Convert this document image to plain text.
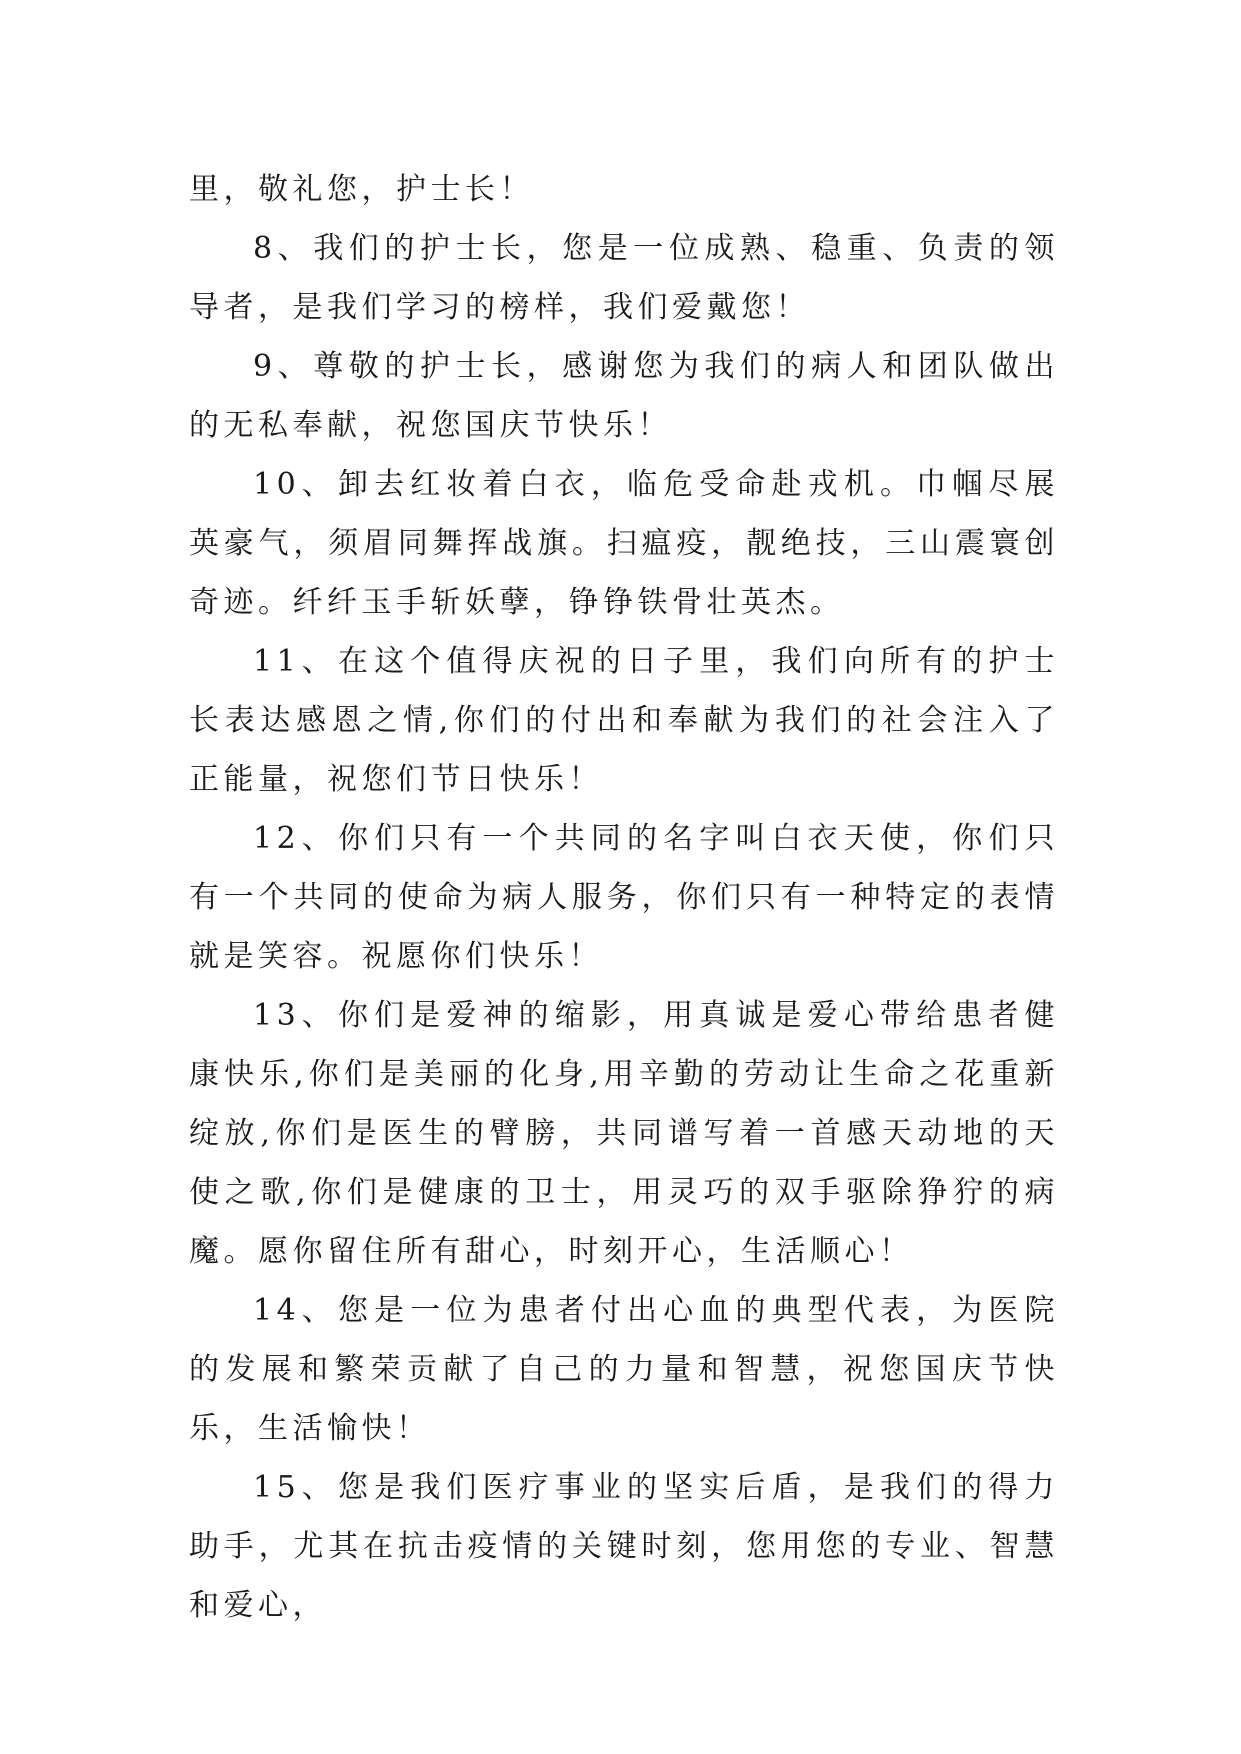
里，敬礼您，护士长！

8、我们的护士长，您是一位成熟、稳重、负责的领导者，是我们学习的榜样，我们爱戴您！

9、尊敬的护士长，感谢您为我们的病人和团队做出的无私奉献，祝您国庆节快乐！

10、卸去红妆着白衣，临危受命赴戎机。巾帼尽展英豪气，须眉同舞挥战旗。扫瘟疫，靓绝技，三山震寰创奇迹。纤纤玉手斩妖孽，铮铮铁骨壮英杰。

11、在这个值得庆祝的日子里，我们向所有的护士长表达感恩之情,你们的付出和奉献为我们的社会注入了正能量，祝您们节日快乐！

12、你们只有一个共同的名字叫白衣天使，你们只有一个共同的使命为病人服务，你们只有一种特定的表情就是笑容。祝愿你们快乐！

13、你们是爱神的缩影，用真诚是爱心带给患者健康快乐,你们是美丽的化身,用辛勤的劳动让生命之花重新绽放,你们是医生的臂膀，共同谱写着一首感天动地的天使之歌,你们是健康的卫士，用灵巧的双手驱除狰狞的病魔。愿你留住所有甜心，时刻开心，生活顺心！

14、您是一位为患者付出心血的典型代表，为医院的发展和繁荣贡献了自己的力量和智慧，祝您国庆节快乐，生活愉快！

15、您是我们医疗事业的坚实后盾，是我们的得力助手，尤其在抗击疫情的关键时刻，您用您的专业、智慧和爱心，
